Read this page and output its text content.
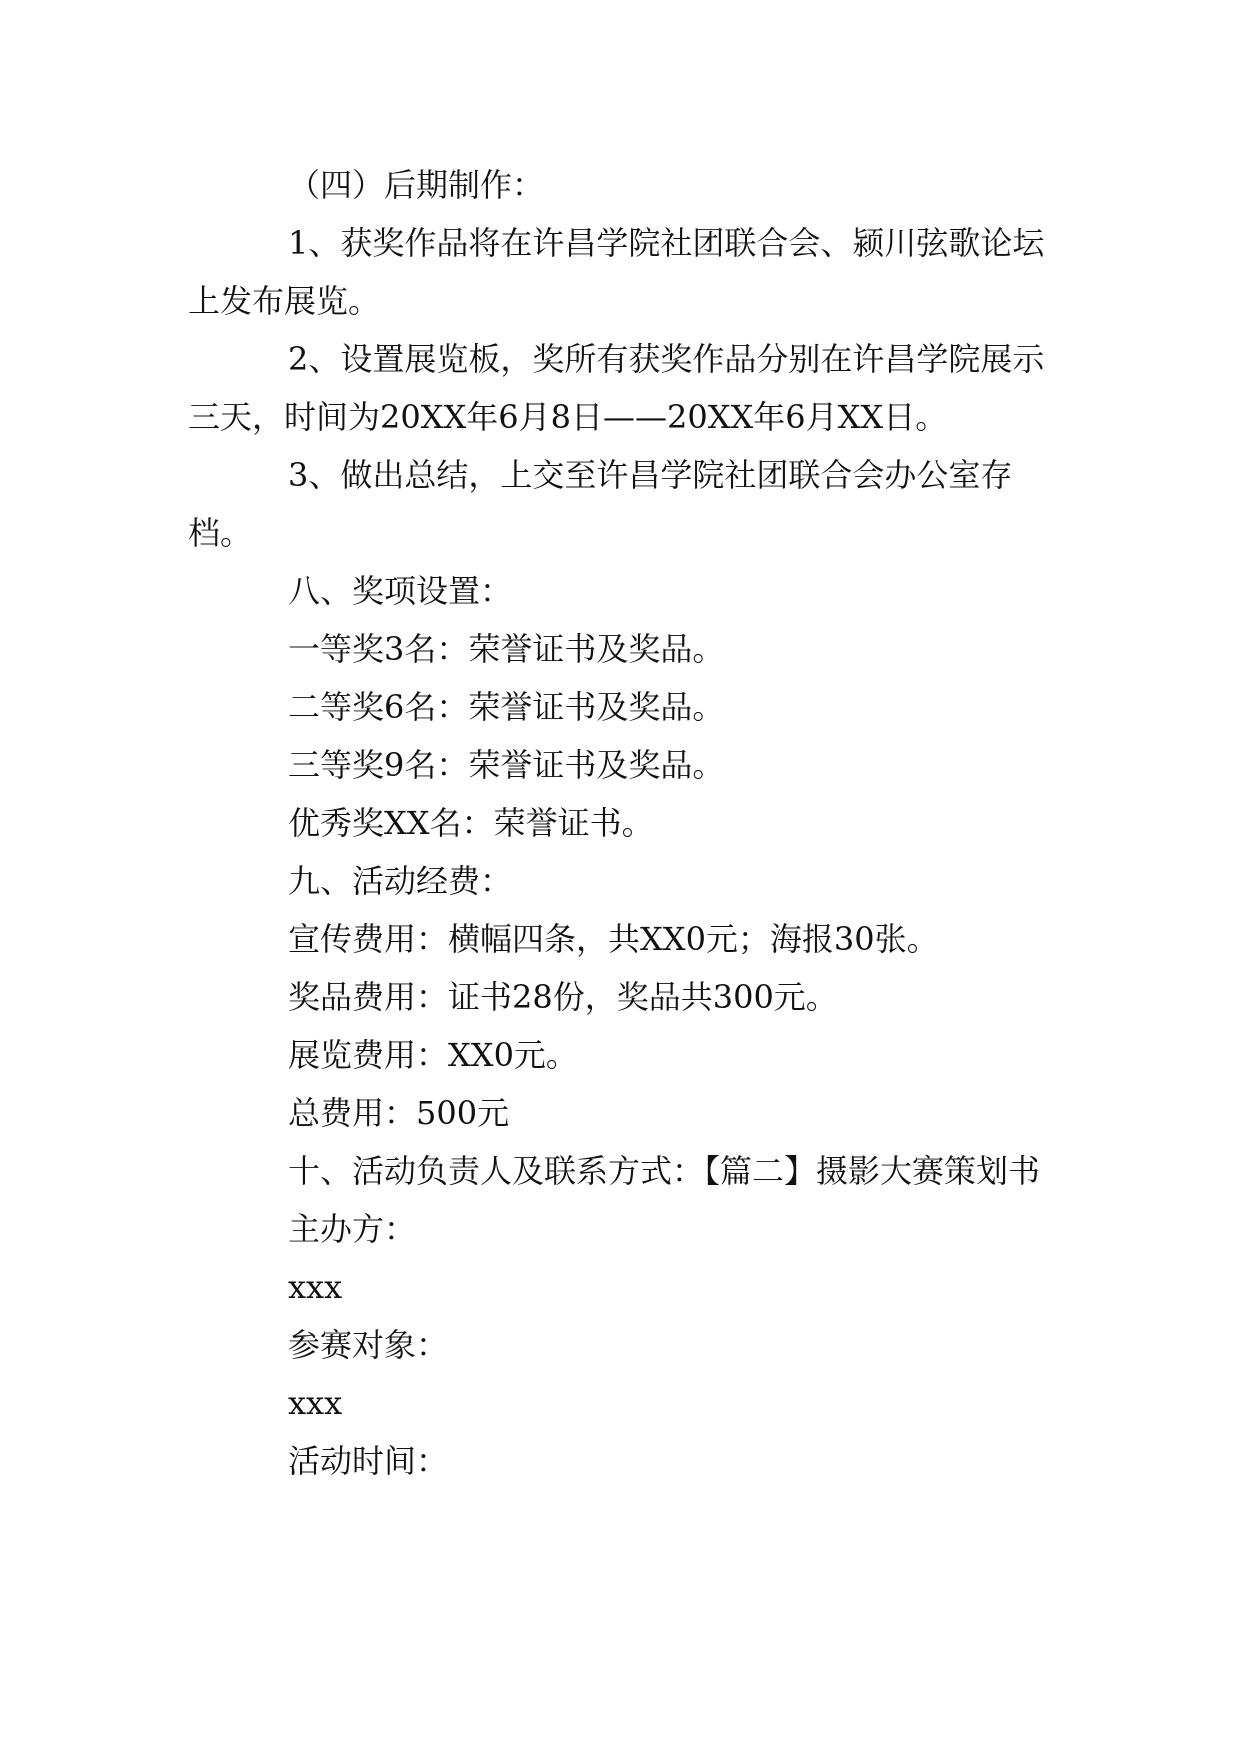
（四）后期制作：

1、获奖作品将在许昌学院社团联合会、颍川弦歌论坛上发布展览。

2、设置展览板，奖所有获奖作品分别在许昌学院展示三天，时间为20XX年6月8日——20XX年6月XX日。

3、做出总结，上交至许昌学院社团联合会办公室存档。

八、奖项设置：

一等奖3名：荣誉证书及奖品。

二等奖6名：荣誉证书及奖品。

三等奖9名：荣誉证书及奖品。

优秀奖XX名：荣誉证书。

九、活动经费：

宣传费用：横幅四条，共XX0元；海报30张。

奖品费用：证书28份，奖品共300元。

展览费用：XX0元。

总费用：500元

十、活动负责人及联系方式：【篇二】摄影大赛策划书

主办方：

xxx

参赛对象：

xxx

活动时间：
